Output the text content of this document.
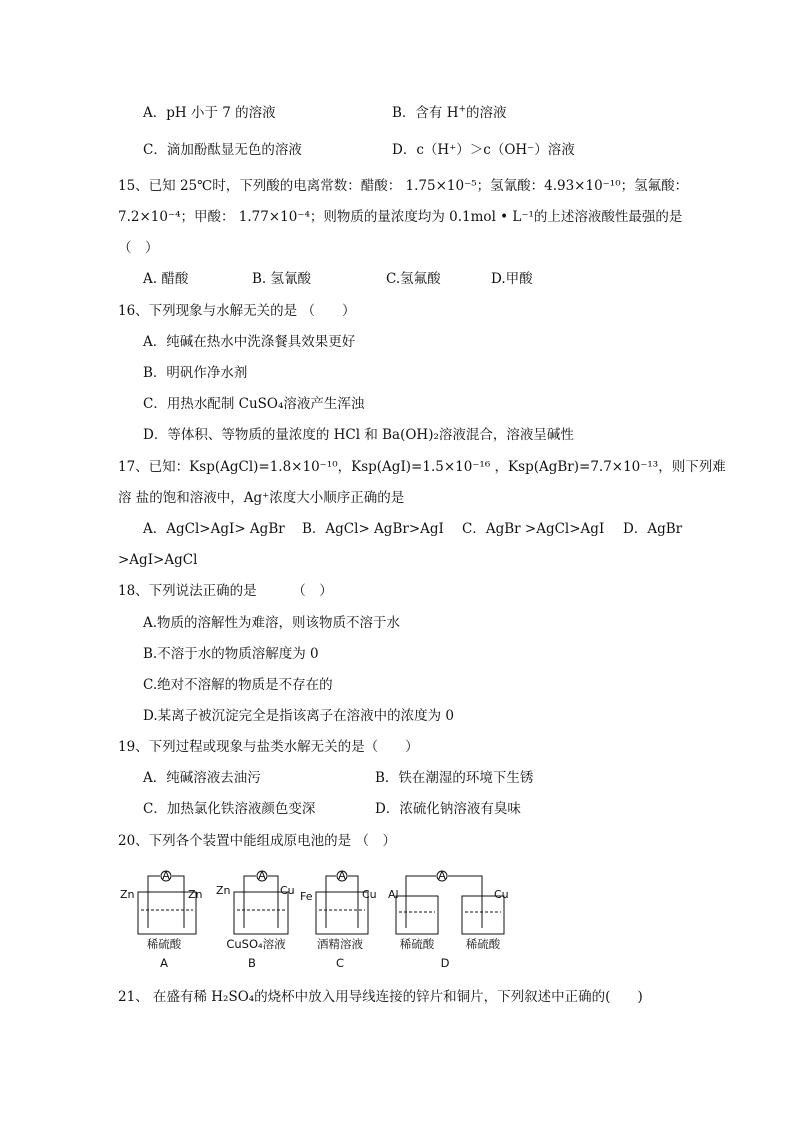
A．pH 小于 7 的溶液	B．含有 H+的溶液
C．滴加酚酞显无色的溶液	D．c（H⁺）＞c（OH⁻）溶液
15、已知 25℃时，下列酸的电离常数：醋酸： 1.75×10⁻⁵；氢氰酸：4.93×10⁻¹⁰；氢氟酸：
7.2×10⁻⁴；甲酸： 1.77×10⁻⁴；则物质的量浓度均为 0.1mol • L⁻¹的上述溶液酸性最强的是
（　）
A. 醋酸	B. 氢氰酸	C.氢氟酸	D.甲酸
16、下列现象与水解无关的是 （　　）
A．纯碱在热水中洗涤餐具效果更好
B．明矾作净水剂
C．用热水配制 CuSO₄溶液产生浑浊
D．等体积、等物质的量浓度的 HCl 和 Ba(OH)₂溶液混合，溶液呈碱性
17、已知：Ksp(AgCl)=1.8×10⁻¹⁰，Ksp(AgI)=1.5×10⁻¹⁶ ，Ksp(AgBr)=7.7×10⁻¹³，则下列难
溶 盐的饱和溶液中，Ag⁺浓度大小顺序正确的是
A．AgCl>AgI> AgBr B．AgCl> AgBr>AgI C．AgBr >AgCl>AgI D．AgBr
>AgI>AgCl
18、下列说法正确的是 　　 （　）
A.物质的溶解性为难溶，则该物质不溶于水
B.不溶于水的物质溶解度为 0
C.绝对不溶解的物质是不存在的
D.某离子被沉淀完全是指该离子在溶液中的浓度为 0
19、下列过程或现象与盐类水解无关的是（　　）
A．纯碱溶液去油污	B．铁在潮湿的环境下生锈
C．加热氯化铁溶液颜色变深	D．浓硫化钠溶液有臭味
20、下列各个装置中能组成原电池的是 （　）
A	A	A	A
Zn	Zn Zn	Cu Fe	Cu Al	Cu
稀硫酸	CuSO₄溶液	酒精溶液	稀硫酸	稀硫酸
A	B	C	D
21、 在盛有稀 H₂SO₄的烧杯中放入用导线连接的锌片和铜片，下列叙述中正确的(　　)
